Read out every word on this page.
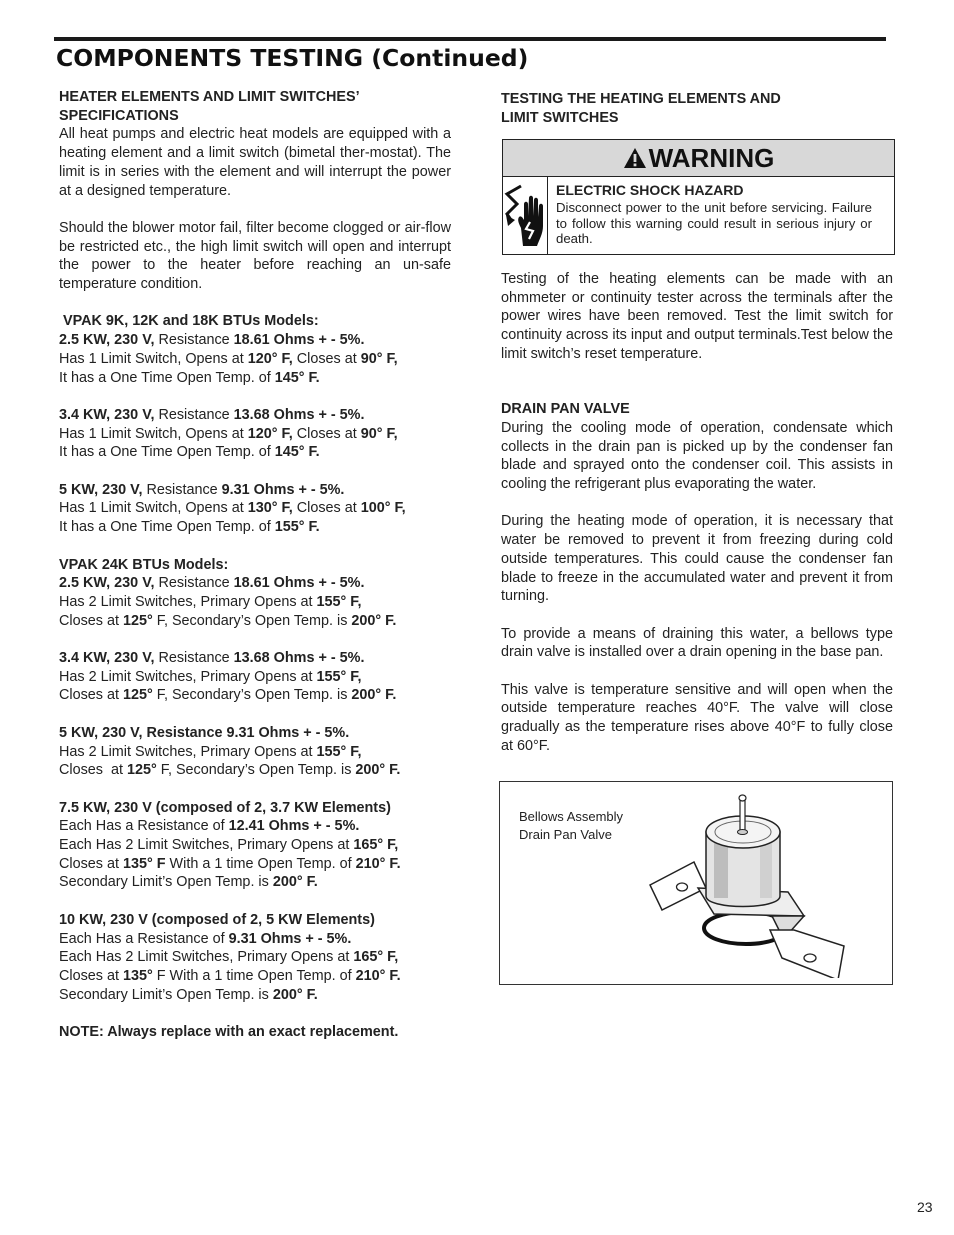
COMPONENTS TESTING (Continued)

HEATER ELEMENTS AND LIMIT SWITCHES’
SPECIFICATIONS

All heat pumps and electric heat models are equipped with a heating element and a limit switch (bimetal ther-mostat). The limit is in series with the element and will interrupt the power at a designed temperature.

Should the blower motor fail, filter become clogged or air-flow be restricted etc., the high limit switch will open and interrupt the power to the heater before reaching an un-safe temperature condition.

VPAK 9K, 12K and 18K BTUs Models:

2.5 KW, 230 V, Resistance 18.61 Ohms + - 5%.

Has 1 Limit Switch, Opens at 120° F, Closes at 90° F,

It has a One Time Open Temp. of 145° F.

3.4 KW, 230 V, Resistance 13.68 Ohms + - 5%.

Has 1 Limit Switch, Opens at 120° F, Closes at 90° F,

It has a One Time Open Temp. of 145° F.

5 KW, 230 V, Resistance 9.31 Ohms + - 5%.

Has 1 Limit Switch, Opens at 130° F, Closes at 100° F,

It has a One Time Open Temp. of 155° F.

VPAK 24K BTUs Models:

2.5 KW, 230 V, Resistance 18.61 Ohms + - 5%.

Has 2 Limit Switches, Primary Opens at 155° F,

Closes at 125° F, Secondary’s Open Temp. is 200° F.

3.4 KW, 230 V, Resistance 13.68 Ohms + - 5%.

Has 2 Limit Switches, Primary Opens at 155° F,

Closes at 125° F, Secondary’s Open Temp. is 200° F.

5 KW, 230 V, Resistance 9.31 Ohms + - 5%.

Has 2 Limit Switches, Primary Opens at 155° F,

Closes  at 125° F, Secondary’s Open Temp. is 200° F.

7.5 KW, 230 V (composed of 2, 3.7 KW Elements)

Each Has a Resistance of 12.41 Ohms + - 5%.

Each Has 2 Limit Switches, Primary Opens at 165° F,

Closes at 135° F With a 1 time Open Temp. of 210° F.

Secondary Limit’s Open Temp. is 200° F.

10 KW, 230 V (composed of 2, 5 KW Elements)

Each Has a Resistance of 9.31 Ohms + - 5%.

Each Has 2 Limit Switches, Primary Opens at 165° F,

Closes at 135° F With a 1 time Open Temp. of 210° F.

Secondary Limit’s Open Temp. is 200° F.

NOTE: Always replace with an exact replacement.

TESTING THE HEATING ELEMENTS AND
LIMIT SWITCHES

WARNING

ELECTRIC SHOCK HAZARD

Disconnect power to the unit before servicing. Failure to follow this warning could result in serious injury or death.

Testing of the heating elements can be made with an ohmmeter or continuity tester across the terminals after the power wires have been removed. Test the limit switch for continuity across its input and output terminals.Test below the limit switch’s reset temperature.

DRAIN PAN VALVE

During the cooling mode of operation, condensate which collects in the drain pan is picked up by the condenser fan blade and sprayed onto the condenser coil. This assists in cooling the refrigerant plus evaporating the water.

During the heating mode of operation, it is necessary that water be removed to prevent it from freezing during cold outside temperatures. This could cause the condenser fan blade to freeze in the accumulated water and prevent it from turning.

To provide a means of draining this water, a bellows type drain valve is installed over a drain opening in the base pan.

This valve is temperature sensitive and will open when the outside temperature reaches 40°F. The valve will close gradually as the temperature rises above 40°F to fully close at 60°F.

Bellows Assembly

Drain Pan Valve

23
